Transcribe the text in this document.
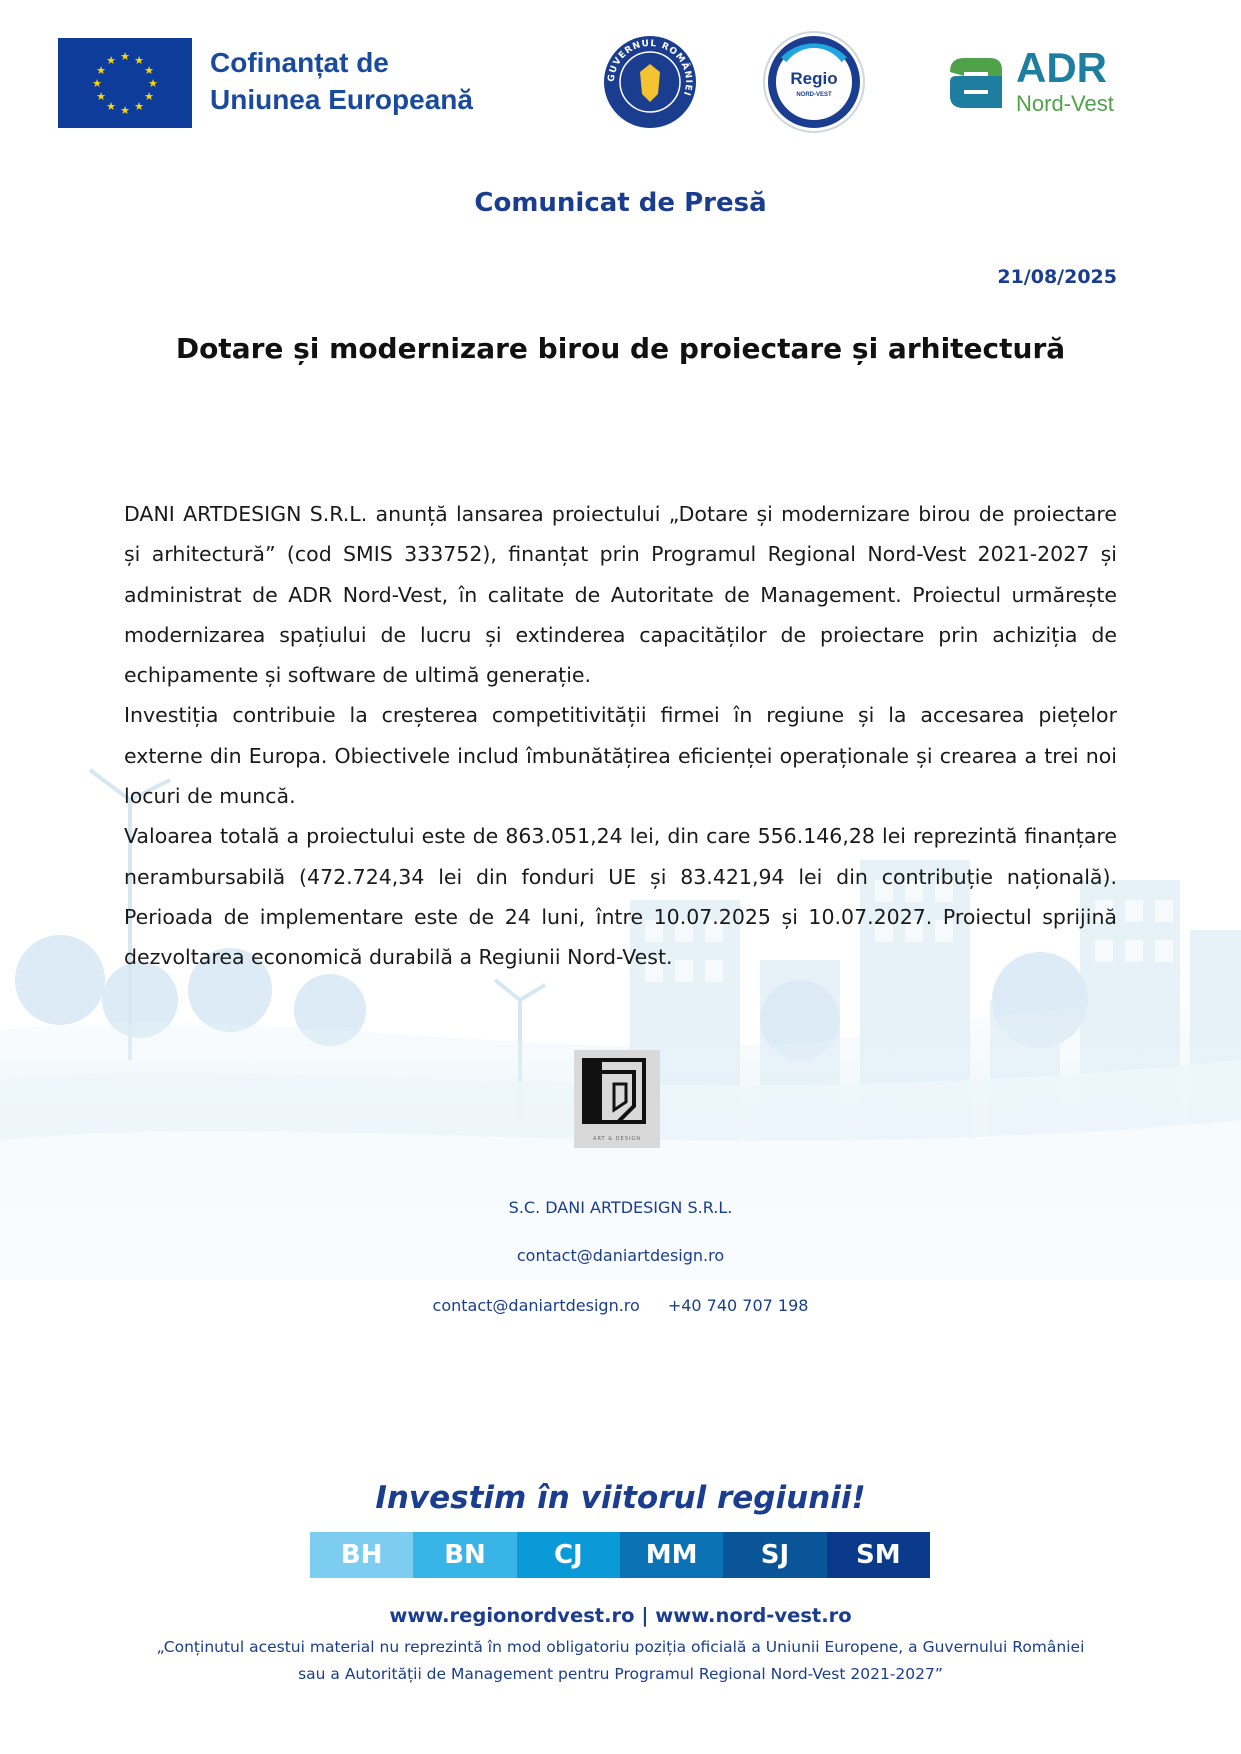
★ ★
★
★
★
★
★
★
★
★
★
★	Cofinanțat de
Uniunea Europeană
GUVERNUL ROMÂNIEI
Regio
NORD-VEST
ADR
Nord-Vest
Comunicat de Presă
21/08/2025
Dotare și modernizare birou de proiectare și arhitectură

DANI ARTDESIGN S.R.L. anunță lansarea proiectului „Dotare și modernizare birou de proiectare și arhitectură” (cod SMIS 333752), finanțat prin Programul Regional Nord-Vest 2021-2027 și administrat de ADR Nord-Vest, în calitate de Autoritate de Management. Proiectul urmărește modernizarea spațiului de lucru și extinderea capacităților de proiectare prin achiziția de echipamente și software de ultimă generație.

Investiția contribuie la creșterea competitivității firmei în regiune și la accesarea piețelor externe din Europa. Obiectivele includ îmbunătățirea eficienței operaționale și crearea a trei noi locuri de muncă.

Valoarea totală a proiectului este de 863.051,24 lei, din care 556.146,28 lei reprezintă finanțare nerambursabilă (472.724,34 lei din fonduri UE și 83.421,94 lei din contribuție națională). Perioada de implementare este de 24 luni, între 10.07.2025 și 10.07.2027. Proiectul sprijină dezvoltarea economică durabilă a Regiunii Nord-Vest.

ART & DESIGN
S.C. DANI ARTDESIGN S.R.L.
contact@daniartdesign.ro
contact@daniartdesign.ro +40 740 707 198
Investim în viitorul regiunii!
BH	BN	CJ	MM	SJ	SM
www.regionordvest.ro | www.nord-vest.ro
„Conținutul acestui material nu reprezintă în mod obligatoriu poziția oficială a Uniunii Europene, a Guvernului României sau a Autorității de Management pentru Programul Regional Nord-Vest 2021-2027”
